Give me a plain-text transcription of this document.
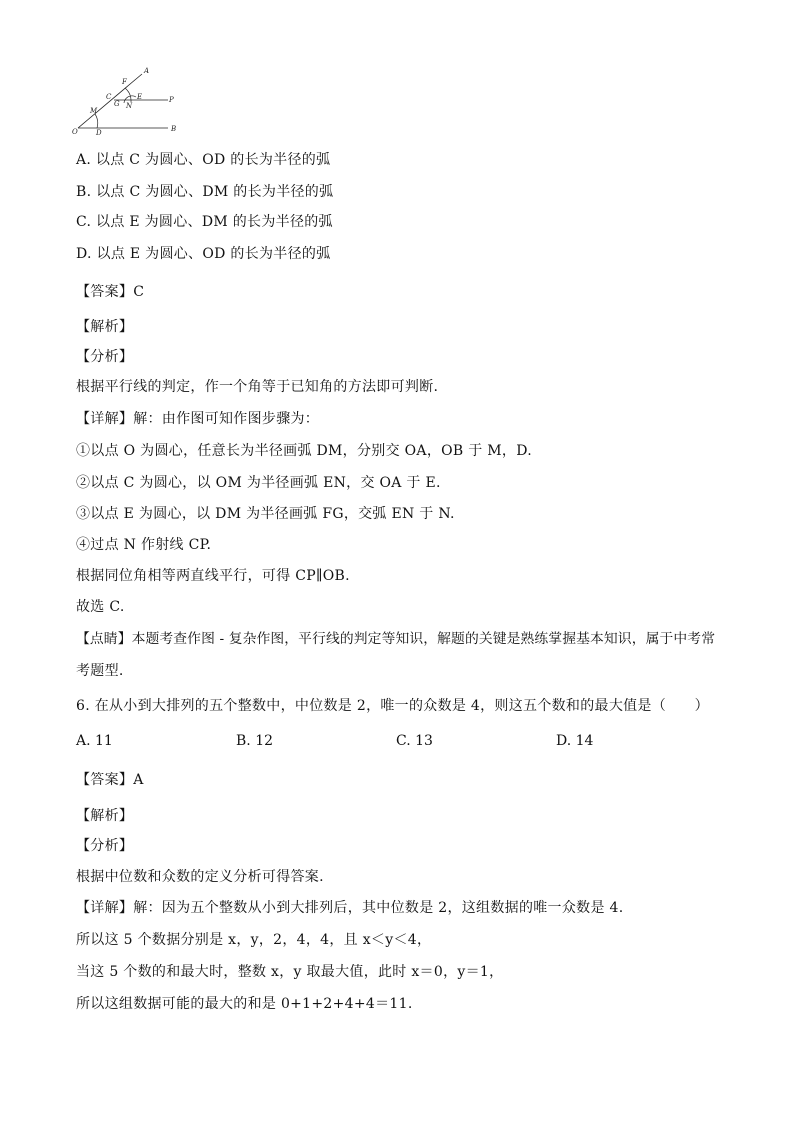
A
F
E
C
G N
P
M
O	D	B
A. 以点 C 为圆心、OD 的长为半径的弧
B. 以点 C 为圆心、DM 的长为半径的弧
C. 以点 E 为圆心、DM 的长为半径的弧
D. 以点 E 为圆心、OD 的长为半径的弧
【答案】C
【解析】
【分析】
根据平行线的判定，作一个角等于已知角的方法即可判断.
【详解】解：由作图可知作图步骤为：
①以点 O 为圆心，任意长为半径画弧 DM，分别交 OA，OB 于 M，D.
②以点 C 为圆心，以 OM 为半径画弧 EN，交 OA 于 E.
③以点 E 为圆心，以 DM 为半径画弧 FG，交弧 EN 于 N.
④过点 N 作射线 CP.
根据同位角相等两直线平行，可得 CP∥OB.
故选 C.
【点睛】本题考查作图 - 复杂作图，平行线的判定等知识，解题的关键是熟练掌握基本知识，属于中考常
考题型.
6. 在从小到大排列的五个整数中，中位数是 2，唯一的众数是 4，则这五个数和的最大值是（　　）
A. 11	B. 12	C. 13	D. 14
【答案】A
【解析】
【分析】
根据中位数和众数的定义分析可得答案.
【详解】解：因为五个整数从小到大排列后，其中位数是 2，这组数据的唯一众数是 4.
所以这 5 个数据分别是 x，y，2，4，4，且 x＜y＜4，
当这 5 个数的和最大时，整数 x，y 取最大值，此时 x＝0，y＝1，
所以这组数据可能的最大的和是 0+1+2+4+4＝11.
